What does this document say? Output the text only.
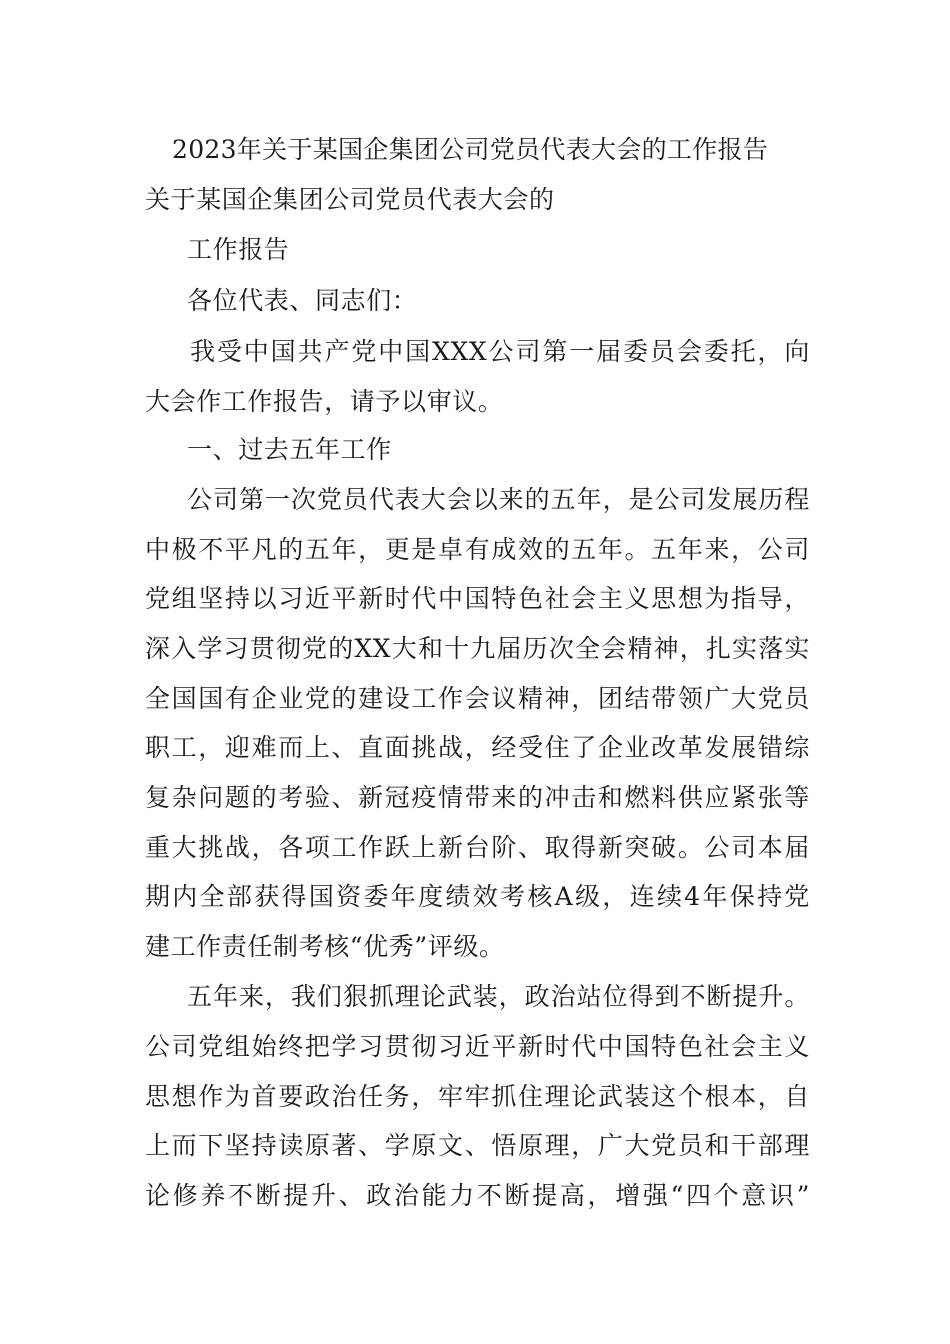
2023年关于某国企集团公司党员代表大会的工作报告
关于某国企集团公司党员代表大会的
工作报告
各位代表、同志们：
我受中国共产党中国XXX公司第一届委员会委托，向
大会作工作报告，请予以审议。
一、过去五年工作
公司第一次党员代表大会以来的五年，是公司发展历程
中极不平凡的五年，更是卓有成效的五年。五年来，公司
党组坚持以习近平新时代中国特色社会主义思想为指导，
深入学习贯彻党的XX大和十九届历次全会精神，扎实落实
全国国有企业党的建设工作会议精神，团结带领广大党员
职工，迎难而上、直面挑战，经受住了企业改革发展错综
复杂问题的考验、新冠疫情带来的冲击和燃料供应紧张等
重大挑战，各项工作跃上新台阶、取得新突破。公司本届
期内全部获得国资委年度绩效考核A级，连续4年保持党
建工作责任制考核“优秀”评级。
五年来，我们狠抓理论武装，政治站位得到不断提升。
公司党组始终把学习贯彻习近平新时代中国特色社会主义
思想作为首要政治任务，牢牢抓住理论武装这个根本，自
上而下坚持读原著、学原文、悟原理，广大党员和干部理
论修养不断提升、政治能力不断提高，增强“四个意识”
